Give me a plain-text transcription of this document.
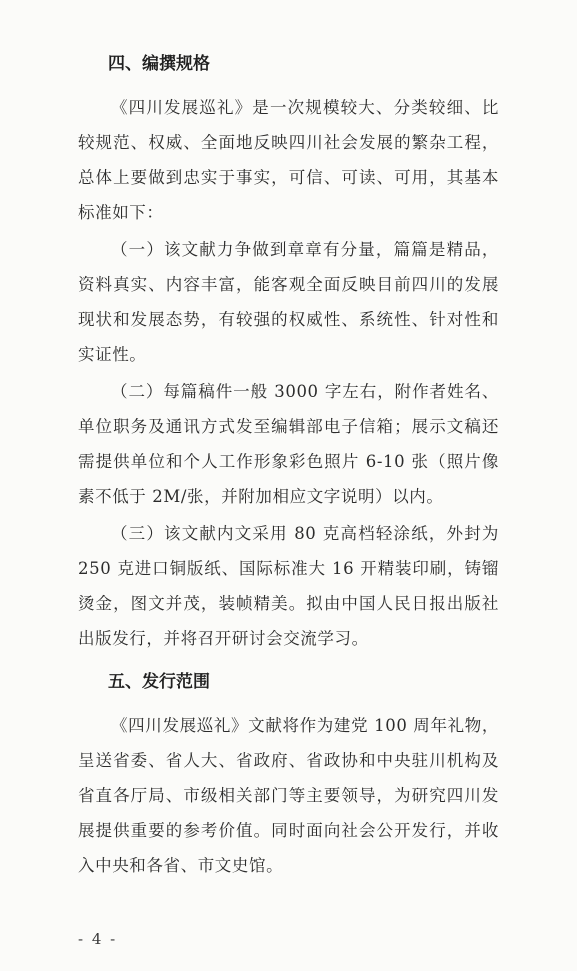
四、编撰规格

《四川发展巡礼》是一次规模较大、分类较细、比较规范、权威、全面地反映四川社会发展的繁杂工程，总体上要做到忠实于事实，可信、可读、可用，其基本标准如下：

（一）该文献力争做到章章有分量，篇篇是精品，资料真实、内容丰富，能客观全面反映目前四川的发展现状和发展态势，有较强的权威性、系统性、针对性和实证性。

（二）每篇稿件一般 3000 字左右，附作者姓名、单位职务及通讯方式发至编辑部电子信箱；展示文稿还需提供单位和个人工作形象彩色照片 6-10 张（照片像素不低于 2M/张，并附加相应文字说明）以内。

（三）该文献内文采用 80 克高档轻涂纸，外封为 250 克进口铜版纸、国际标准大 16 开精装印刷，铸镏烫金，图文并茂，装帧精美。拟由中国人民日报出版社出版发行，并将召开研讨会交流学习。

五、发行范围

《四川发展巡礼》文献将作为建党 100 周年礼物，呈送省委、省人大、省政府、省政协和中央驻川机构及省直各厅局、市级相关部门等主要领导，为研究四川发展提供重要的参考价值。同时面向社会公开发行，并收入中央和各省、市文史馆。

- 4 -
